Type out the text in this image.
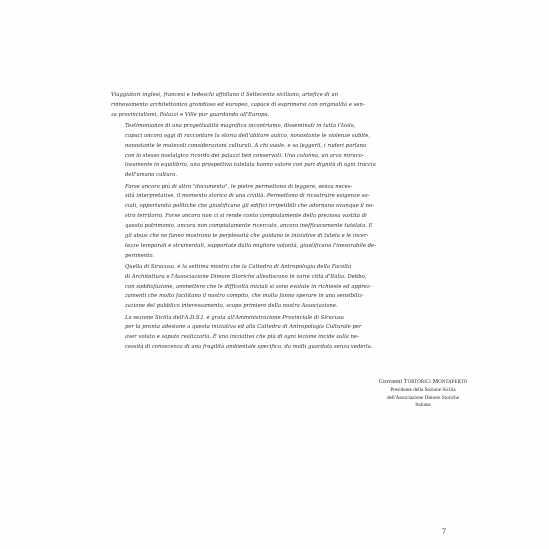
Viaggiatori inglesi, francesi e tedeschi affollano il Settecento siciliano, artefice di un
rinnovamento architettonico grandioso ed europeo, capace di esprimersi con originalità e sen-
za provincialismi, Palazzi e Ville pur guardando all'Europa.

Testimonianze di una progettualità magnifica incontriamo, disseminati in tutta l'Isola,
capaci ancora oggi di raccontare la storia dell'abitare aulico, nonostante le violenze subite,
nonostante le mutevoli considerazioni culturali. A chi vuole, e sa leggerli, i ruderi parlano
con lo stesso nostalgico ricordo dei palazzi ben conservati. Una colonna, un arco miraco-
losamente in equilibrio, una prospettiva tutelata hanno valore con pari dignità di ogni traccia
dell'umana cultura.

Forse ancora più di altro "documento", le pietre permettono di leggere, senza neces-
sità interpretative, il momento storico di una civiltà. Permettono di ricostruire esigenze so-
ciali, opportunità politiche che giustificano gli edifici irripetibili che adornano ovunque il no-
stro territorio. Forse ancora non ci si rende conto compiutamente della preziosa vastità di
questo patrimonio, ancora non compiutamente ricercato, ancora inefficacemente tutelato. E
gli abusi che ne fanno mostrano le perplessità che guidano le iniziative di tutela e le incer-
tezze temporali e strumentali, supportate dalla migliore volontà, giustificano l'inesorabile de-
perimento.

Quella di Siracusa, è la settima mostra che la Cattedra di Antropologia della Facoltà
di Architettura e l'Associazione Dimore Storiche allestiscono in varie città d'Italia. Debbo,
con soddisfazione, ammettere che le difficoltà iniziali si sono evolute in richieste ed apprez-
zamenti che molto facilitano il nostro compito, che molto fanno sperare in una sensibiliz-
zazione del pubblico interessamento, scopo primiero della nostra Associazione.

La sezione Sicilia dell'A.D.S.I. è grata all'Amministrazione Provinciale di Siracusa
per la pronta adesione a questa iniziativa ed alla Cattedra di Antropologia Culturale per
aver voluto e saputo realizzarla. È una iniziativa che più di ogni lezione incide sulla ne-
cessità di conoscenza di una fragilità ambientale specifica, da molti guardata senza vederla.

Giovanni TORTORICI MONTAPERTO
Presidente della Sezione Sicilia
dell'Associazione Dimore Storiche
Italiane
7
